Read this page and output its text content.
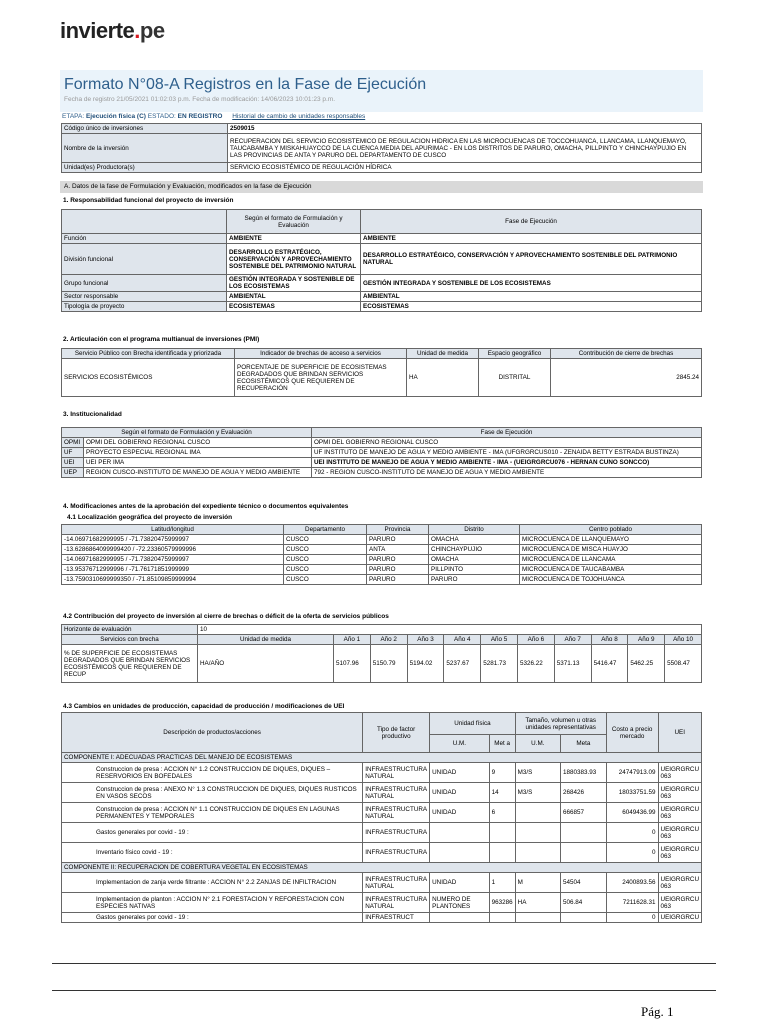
invierte.pe
Formato N°08-A Registros en la Fase de Ejecución
Fecha de registro 21/05/2021 01:02:03 p.m. Fecha de modificación: 14/06/2023 10:01:23 p.m.
ETAPA: Ejecución física (C) ESTADO: EN REGISTRO Historial de cambio de unidades responsables
Código único de inversiones	2509015
Nombre de la inversión	RECUPERACION DEL SERVICIO ECOSISTEMICO DE REGULACION HIDRICA EN LAS MICROCUENCAS DE TOCCOHUANCA, LLANCAMA, LLANQUEMAYO, TAUCABAMBA Y MISKAHUAYCCO DE LA CUENCA MEDIA DEL APURIMAC - EN LOS DISTRITOS DE PARURO, OMACHA, PILLPINTO Y CHINCHAYPUJIO EN LAS PROVINCIAS DE ANTA Y PARURO DEL DEPARTAMENTO DE CUSCO
Unidad(es) Productora(s)	SERVICIO ECOSISTÉMICO DE REGULACIÓN HÍDRICA
A. Datos de la fase de Formulación y Evaluación, modificados en la fase de Ejecución
1. Responsabilidad funcional del proyecto de inversión
	Según el formato de Formulación y Evaluación	Fase de Ejecución
Función	AMBIENTE	AMBIENTE
División funcional	DESARROLLO ESTRATÉGICO, CONSERVACIÓN Y APROVECHAMIENTO SOSTENIBLE DEL PATRIMONIO NATURAL	DESARROLLO ESTRATÉGICO, CONSERVACIÓN Y APROVECHAMIENTO SOSTENIBLE DEL PATRIMONIO NATURAL
Grupo funcional	GESTIÓN INTEGRADA Y SOSTENIBLE DE LOS ECOSISTEMAS	GESTIÓN INTEGRADA Y SOSTENIBLE DE LOS ECOSISTEMAS
Sector responsable	AMBIENTAL	AMBIENTAL
Tipología de proyecto	ECOSISTEMAS	ECOSISTEMAS
2. Articulación con el programa multianual de inversiones (PMI)
Servicio Público con Brecha identificada y priorizada	Indicador de brechas de acceso a servicios	Unidad de medida	Espacio geográfico	Contribución de cierre de brechas
SERVICIOS ECOSISTÉMICOS	PORCENTAJE DE SUPERFICIE DE ECOSISTEMAS DEGRADADOS QUE BRINDAN SERVICIOS ECOSISTÉMICOS QUE REQUIEREN DE RECUPERACIÓN	HA	DISTRITAL	2845.24
3. Institucionalidad
Según el formato de Formulación y Evaluación		Fase de Ejecución
OPMI	OPMI DEL GOBIERNO REGIONAL CUSCO	OPMI DEL GOBIERNO REGIONAL CUSCO
UF	PROYECTO ESPECIAL REGIONAL IMA	UF INSTITUTO DE MANEJO DE AGUA Y MEDIO AMBIENTE - IMA (UFGRGRCUS010 - ZENAIDA BETTY ESTRADA BUSTINZA)
UEI	UEI PER IMA	UEI INSTITUTO DE MANEJO DE AGUA Y MEDIO AMBIENTE - IMA - (UEIGRGRCU076 - HERNAN CUNO SONCCO)
UEP	REGION CUSCO-INSTITUTO DE MANEJO DE AGUA Y MEDIO AMBIENTE	792 - REGION CUSCO-INSTITUTO DE MANEJO DE AGUA Y MEDIO AMBIENTE
4. Modificaciones antes de la aprobación del expediente técnico o documentos equivalentes
4.1 Localización geográfica del proyecto de inversión
Latitud/longitud	Departamento	Provincia	Distrito	Centro poblado
-14.06971682999995 / -71.73820475999997	CUSCO	PARURO	OMACHA	MICROCUENCA DE LLANQUEMAYO
-13.6286864099999420 / -72.23360579999996	CUSCO	ANTA	CHINCHAYPUJIO	MICROCUENCA DE MISCA HUAYJO
-14.06971682999995 / -71.73820475999997	CUSCO	PARURO	OMACHA	MICROCUENCA DE LLANCAMA
-13.95376712999996 / -71.76171851999999	CUSCO	PARURO	PILLPINTO	MICROCUENCA DE TAUCABAMBA
-13.7590310699999350 / -71.85109859999994	CUSCO	PARURO	PARURO	MICROCUENCA DE TOJOHUANCA
4.2 Contribución del proyecto de inversión al cierre de brechas o déficit de la oferta de servicios públicos
Horizonte de evaluación	10										
Servicios con brecha	Unidad de medida	Año 1	Año 2	Año 3	Año 4	Año 5	Año 6	Año 7	Año 8	Año 9	Año 10
% DE SUPERFICIE DE ECOSISTEMAS DEGRADADOS QUE BRINDAN SERVICIOS ECOSISTÉMICOS QUE REQUIEREN DE RECUP	HA/AÑO	5107.96	5150.79	5194.02	5237.67	5281.73	5326.22	5371.13	5416.47	5462.25	5508.47
4.3 Cambios en unidades de producción, capacidad de producción / modificaciones de UEI
Descripción de productos/acciones	Tipo de factor productivo	Unidad física		Tamaño, volumen u otras unidades representativas		Costo a precio mercado	UEI
		U.M.	Met a	U.M.	Meta		
COMPONENTE I: ADECUADAS PRACTICAS DEL MANEJO DE ECOSISTEMAS							
Construccion de presa : ACCION N° 1.2 CONSTRUCCION DE DIQUES, DIQUES – RESERVORIOS EN BOFEDALES	INFRAESTRUCTURA NATURAL	UNIDAD	9	M3/S	1880383.93	24747913.09	UEIGRGRCU 063
Construccion de presa : ANEXO N° 1.3 CONSTRUCCION DE DIQUES, DIQUES RUSTICOS EN VASOS SECOS	INFRAESTRUCTURA NATURAL	UNIDAD	14	M3/S	268426	18033751.59	UEIGRGRCU 063
Construccion de presa : ACCION N° 1.1 CONSTRUCCION DE DIQUES EN LAGUNAS PERMANENTES Y TEMPORALES	INFRAESTRUCTURA NATURAL	UNIDAD	6		666857	6049436.99	UEIGRGRCU 063
Gastos generales por covid - 19 :	INFRAESTRUCTURA					0	UEIGRGRCU 063
Inventario físico covid - 19 :	INFRAESTRUCTURA					0	UEIGRGRCU 063
COMPONENTE II: RECUPERACION DE COBERTURA VEGETAL EN ECOSISTEMAS							
Implementacion de zanja verde filtrante : ACCION N° 2.2 ZANJAS DE INFILTRACION	INFRAESTRUCTURA NATURAL	UNIDAD	1	M	54504	2400893.56	UEIGRGRCU 063
Implementacion de planton : ACCION N° 2.1 FORESTACION Y REFORESTACION CON ESPECIES NATIVAS	INFRAESTRUCTURA NATURAL	NUMERO DE PLANTONES	963286	HA	506.84	7211628.31	UEIGRGRCU 063
Gastos generales por covid - 19 :	INFRAESTRUCT					0	UEIGRGRCU
Pág. 1
